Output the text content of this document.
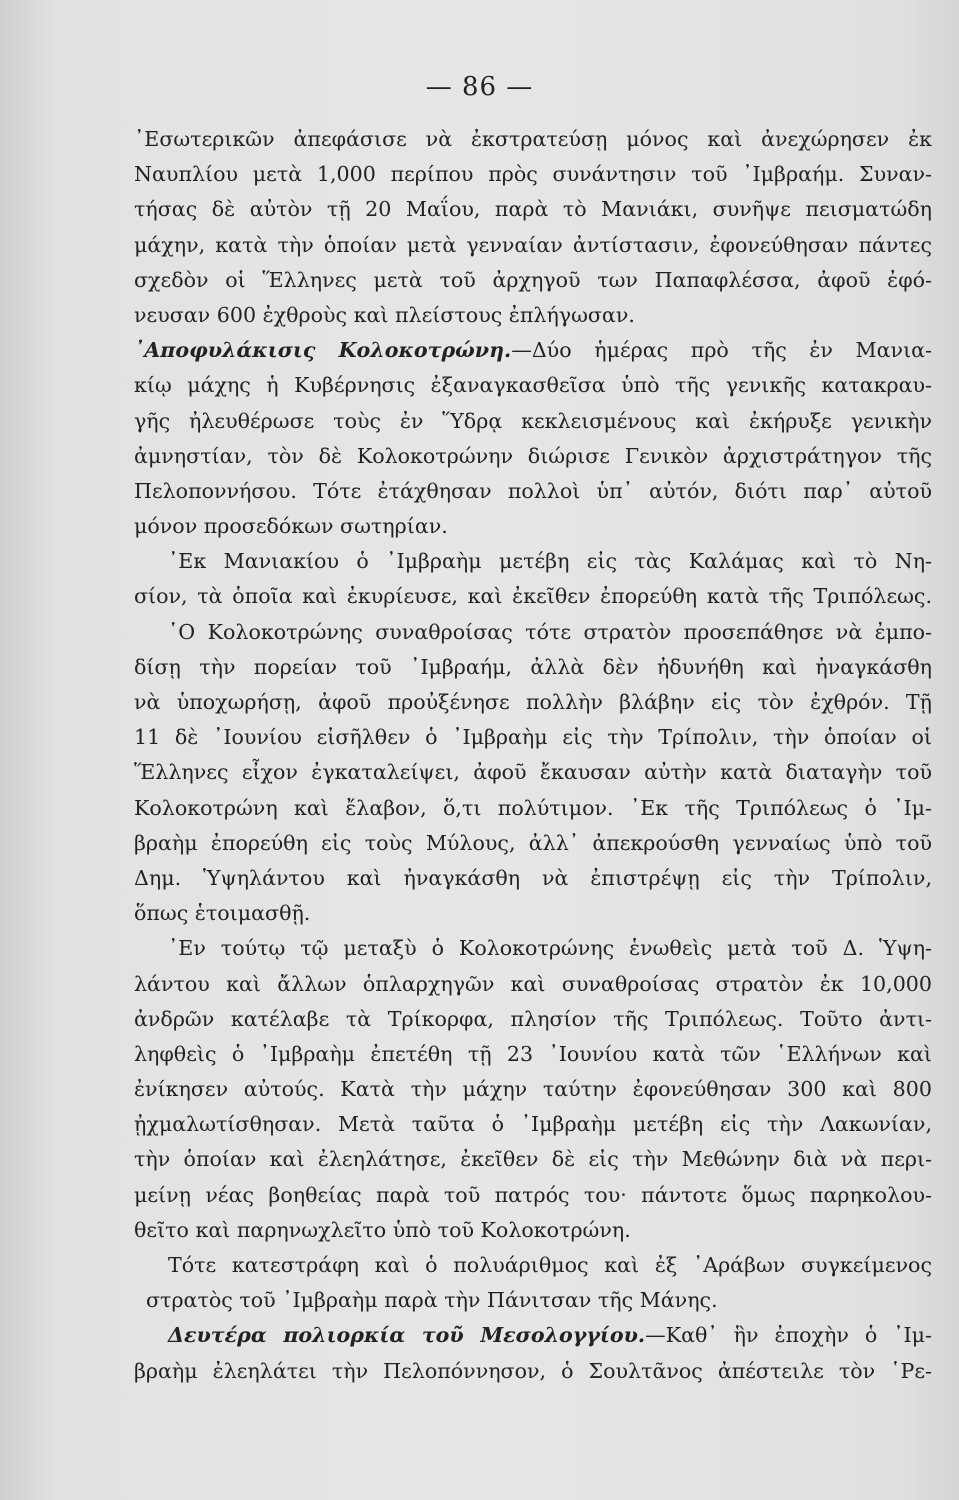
— 86 —
᾿Εσωτερικῶν ἀπεφάσισε νὰ ἐκστρατεύσῃ μόνος καὶ ἀνεχώρησεν ἐκ
Ναυπλίου μετὰ 1,000 περίπου πρὸς συνάντησιν τοῦ ᾿Ιμβραήμ. Συναν-
τήσας δὲ αὐτὸν τῇ 20 Μαΐου, παρὰ τὸ Μανιάκι, συνῆψε πεισματώδη
μάχην, κατὰ τὴν ὁποίαν μετὰ γενναίαν ἀντίστασιν, ἐφονεύθησαν πάντες
σχεδὸν οἱ Ἕλληνες μετὰ τοῦ ἀρχηγοῦ των Παπαφλέσσα, ἀφοῦ ἐφό-
νευσαν 600 ἐχθροὺς καὶ πλείστους ἐπλήγωσαν.
᾿Αποφυλάκισις Κολοκοτρώνη.—Δύο ἡμέρας πρὸ τῆς ἐν Μανια-
κίῳ μάχης ἡ Κυβέρνησις ἐξαναγκασθεῖσα ὑπὸ τῆς γενικῆς κατακραυ-
γῆς ἠλευθέρωσε τοὺς ἐν Ὕδρᾳ κεκλεισμένους καὶ ἐκήρυξε γενικὴν
ἀμνηστίαν, τὸν δὲ Κολοκοτρώνην διώρισε Γενικὸν ἀρχιστράτηγον τῆς
Πελοποννήσου. Τότε ἐτάχθησαν πολλοὶ ὑπ᾿ αὐτόν, διότι παρ᾿ αὐτοῦ
μόνον προσεδόκων σωτηρίαν.
᾿Εκ Μανιακίου ὁ ᾿Ιμβραὴμ μετέβη εἰς τὰς Καλάμας καὶ τὸ Νη-
σίον, τὰ ὁποῖα καὶ ἐκυρίευσε, καὶ ἐκεῖθεν ἐπορεύθη κατὰ τῆς Τριπόλεως.
῾Ο Κολοκοτρώνης συναθροίσας τότε στρατὸν προσεπάθησε νὰ ἐμπο-
δίσῃ τὴν πορείαν τοῦ ᾿Ιμβραήμ, ἀλλὰ δὲν ἠδυνήθη καὶ ἠναγκάσθη
νὰ ὑποχωρήσῃ, ἀφοῦ προὐξένησε πολλὴν βλάβην εἰς τὸν ἐχθρόν. Τῇ
11 δὲ ᾿Ιουνίου εἰσῆλθεν ὁ ᾿Ιμβραὴμ εἰς τὴν Τρίπολιν, τὴν ὁποίαν οἱ
Ἕλληνες εἶχον ἐγκαταλείψει, ἀφοῦ ἔκαυσαν αὐτὴν κατὰ διαταγὴν τοῦ
Κολοκοτρώνη καὶ ἔλαβον, ὅ,τι πολύτιμον. ᾿Εκ τῆς Τριπόλεως ὁ ᾿Ιμ-
βραὴμ ἐπορεύθη εἰς τοὺς Μύλους, ἀλλ᾿ ἀπεκρούσθη γενναίως ὑπὸ τοῦ
Δημ. Ὑψηλάντου καὶ ἠναγκάσθη νὰ ἐπιστρέψῃ εἰς τὴν Τρίπολιν,
ὅπως ἑτοιμασθῇ.
᾿Εν τούτῳ τῷ μεταξὺ ὁ Κολοκοτρώνης ἑνωθεὶς μετὰ τοῦ Δ. Ὑψη-
λάντου καὶ ἄλλων ὁπλαρχηγῶν καὶ συναθροίσας στρατὸν ἐκ 10,000
ἀνδρῶν κατέλαβε τὰ Τρίκορφα, πλησίον τῆς Τριπόλεως. Τοῦτο ἀντι-
ληφθεὶς ὁ ᾿Ιμβραὴμ ἐπετέθη τῇ 23 ᾿Ιουνίου κατὰ τῶν ῾Ελλήνων καὶ
ἐνίκησεν αὐτούς. Κατὰ τὴν μάχην ταύτην ἐφονεύθησαν 300 καὶ 800
ᾐχμαλωτίσθησαν. Μετὰ ταῦτα ὁ ᾿Ιμβραὴμ μετέβη εἰς τὴν Λακωνίαν,
τὴν ὁποίαν καὶ ἐλεηλάτησε, ἐκεῖθεν δὲ εἰς τὴν Μεθώνην διὰ νὰ περι-
μείνῃ νέας βοηθείας παρὰ τοῦ πατρός του· πάντοτε ὅμως παρηκολου-
θεῖτο καὶ παρηνωχλεῖτο ὑπὸ τοῦ Κολοκοτρώνη.
Τότε κατεστράφη καὶ ὁ πολυάριθμος καὶ ἐξ ᾿Αράβων συγκείμενος
στρατὸς τοῦ ᾿Ιμβραὴμ παρὰ τὴν Πάνιτσαν τῆς Μάνης.
Δευτέρα πολιορκία τοῦ Μεσολογγίου.—Καθ᾿ ἣν ἐποχὴν ὁ ᾿Ιμ-
βραὴμ ἐλεηλάτει τὴν Πελοπόννησον, ὁ Σουλτᾶνος ἀπέστειλε τὸν ῾Ρε-
